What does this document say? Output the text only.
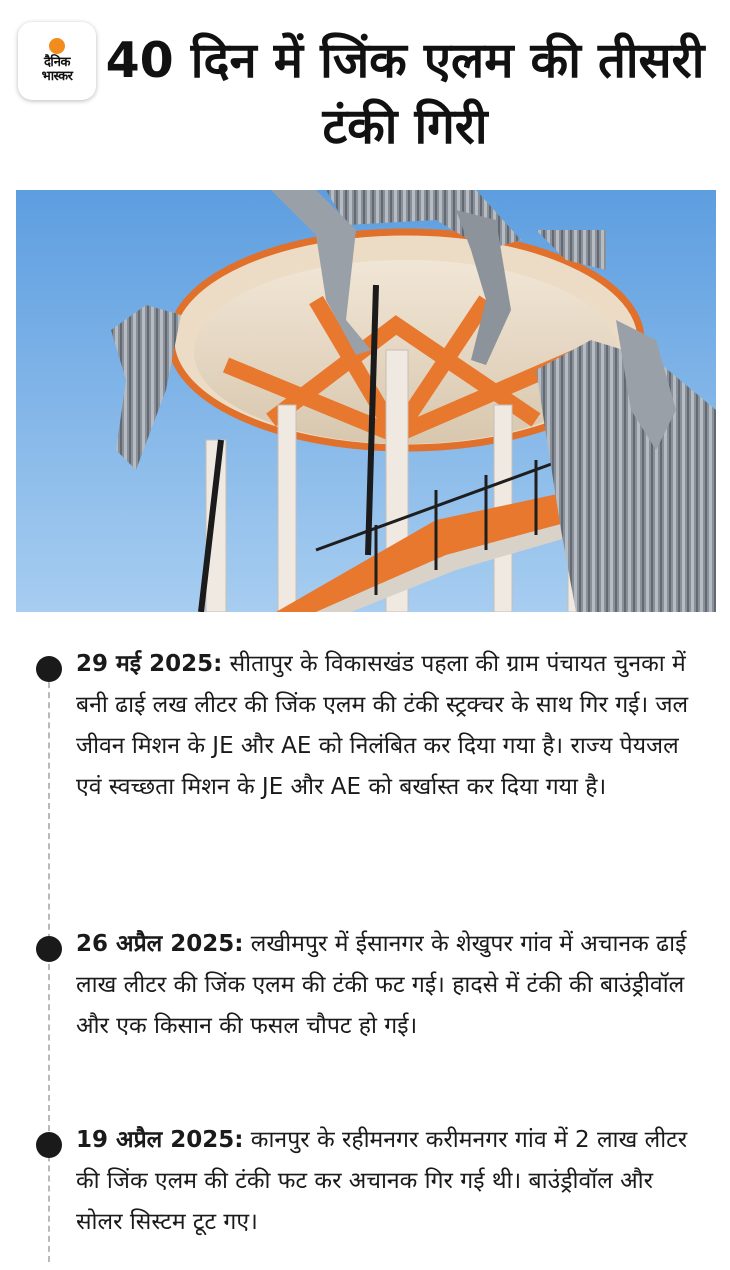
दैनिक
भास्कर 40 दिन में जिंक एलम की तीसरी टंकी गिरी

29 मई 2025: सीतापुर के विकासखंड पहला की ग्राम पंचायत चुनका में बनी ढाई लख लीटर की जिंक एलम की टंकी स्ट्रक्चर के साथ गिर गई। जल जीवन मिशन के JE और AE को निलंबित कर दिया गया है। राज्य पेयजल एवं स्वच्छता मिशन के JE और AE को बर्खास्त कर दिया गया है।

26 अप्रैल 2025: लखीमपुर में ईसानगर के शेखुपर गांव में अचानक ढाई लाख लीटर की जिंक एलम की टंकी फट गई। हादसे में टंकी की बाउंड्रीवॉल और एक किसान की फसल चौपट हो गई।

19 अप्रैल 2025: कानपुर के रहीमनगर करीमनगर गांव में 2 लाख लीटर की जिंक एलम की टंकी फट कर अचानक गिर गई थी। बाउंड्रीवॉल और सोलर सिस्टम टूट गए।
